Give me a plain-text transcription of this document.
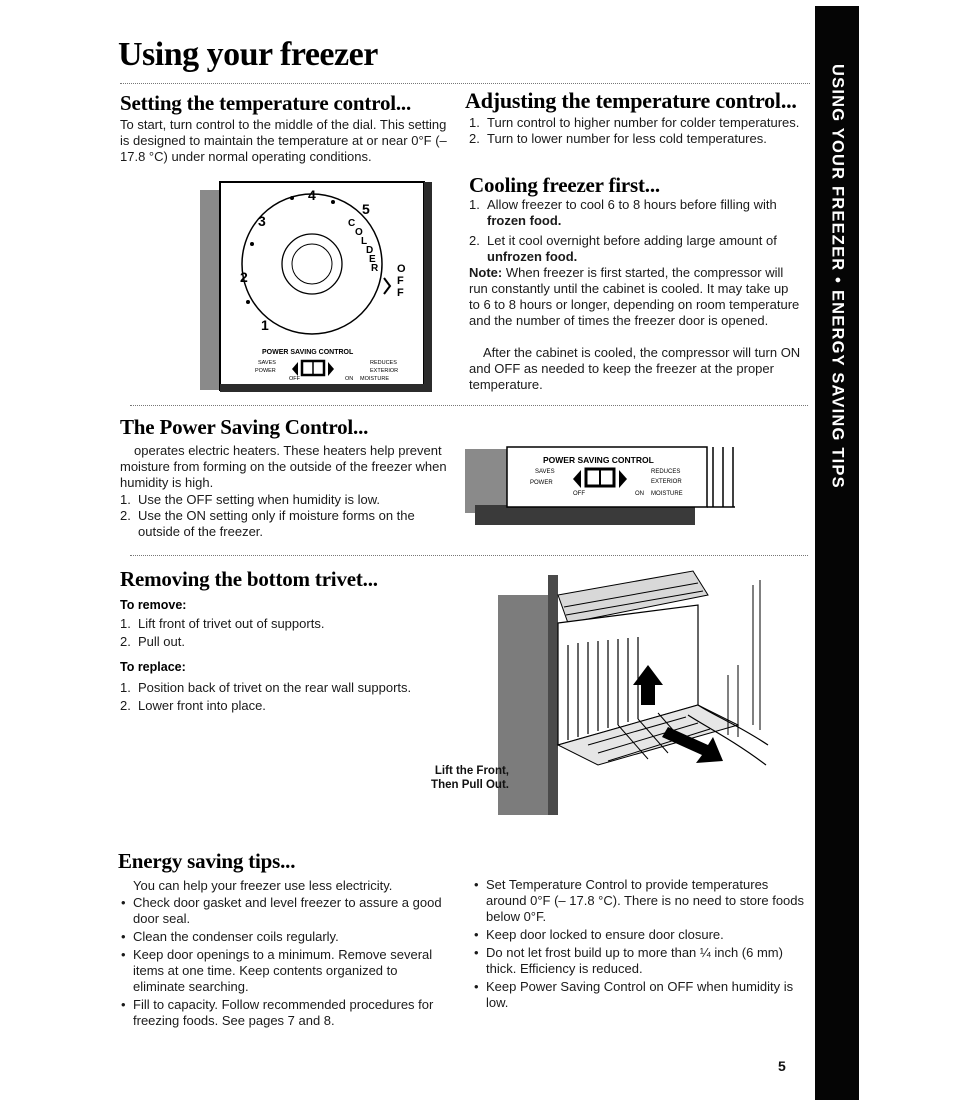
Using your freezer
USING YOUR FREEZER • ENERGY SAVING TIPS
Setting the temperature control...

To start, turn control to the middle of the dial. This setting is designed to maintain the temperature at or near 0°F (– 17.8 °C) under normal operating conditions.

4
5
3
2
1
C
O
L
D
E
R O
F
F
POWER SAVING CONTROL
SAVES
POWER
REDUCES
EXTERIOR
OFF	ON MOISTURE
Adjusting the temperature control...
1. Turn control to higher number for colder temperatures.
2. Turn to lower number for less cold temperatures.
Cooling freezer first...
1. Allow freezer to cool 6 to 8 hours before filling with frozen food.
2. Let it cool overnight before adding large amount of unfrozen food.

Note: When freezer is first started, the compressor will run constantly until the cabinet is cooled. It may take up to 6 to 8 hours or longer, depending on room temperature and the number of times the freezer door is opened.

After the cabinet is cooled, the compressor will turn ON and OFF as needed to keep the freezer at the proper temperature.

The Power Saving Control...

operates electric heaters. These heaters help prevent moisture from forming on the outside of the freezer when humidity is high.

1. Use the OFF setting when humidity is low.
2. Use the ON setting only if moisture forms on the outside of the freezer.
POWER SAVING CONTROL
SAVES
POWER
REDUCES
EXTERIOR
OFF	ON MOISTURE
Removing the bottom trivet...

To remove:

1. Lift front of trivet out of supports.
2. Pull out.

To replace:

1. Position back of trivet on the rear wall supports.
2. Lower front into place.

Lift the Front,

Then Pull Out.

Energy saving tips...

You can help your freezer use less electricity.

• Check door gasket and level freezer to assure a good door seal.
• Clean the condenser coils regularly.
• Keep door openings to a minimum. Remove several items at one time. Keep contents organized to eliminate searching.
• Fill to capacity. Follow recommended procedures for freezing foods. See pages 7 and 8.
• Set Temperature Control to provide temperatures around 0°F (– 17.8 °C). There is no need to store foods below 0°F.
• Keep door locked to ensure door closure.
• Do not let frost build up to more than ¼ inch (6 mm) thick. Efficiency is reduced.
• Keep Power Saving Control on OFF when humidity is low.
5
